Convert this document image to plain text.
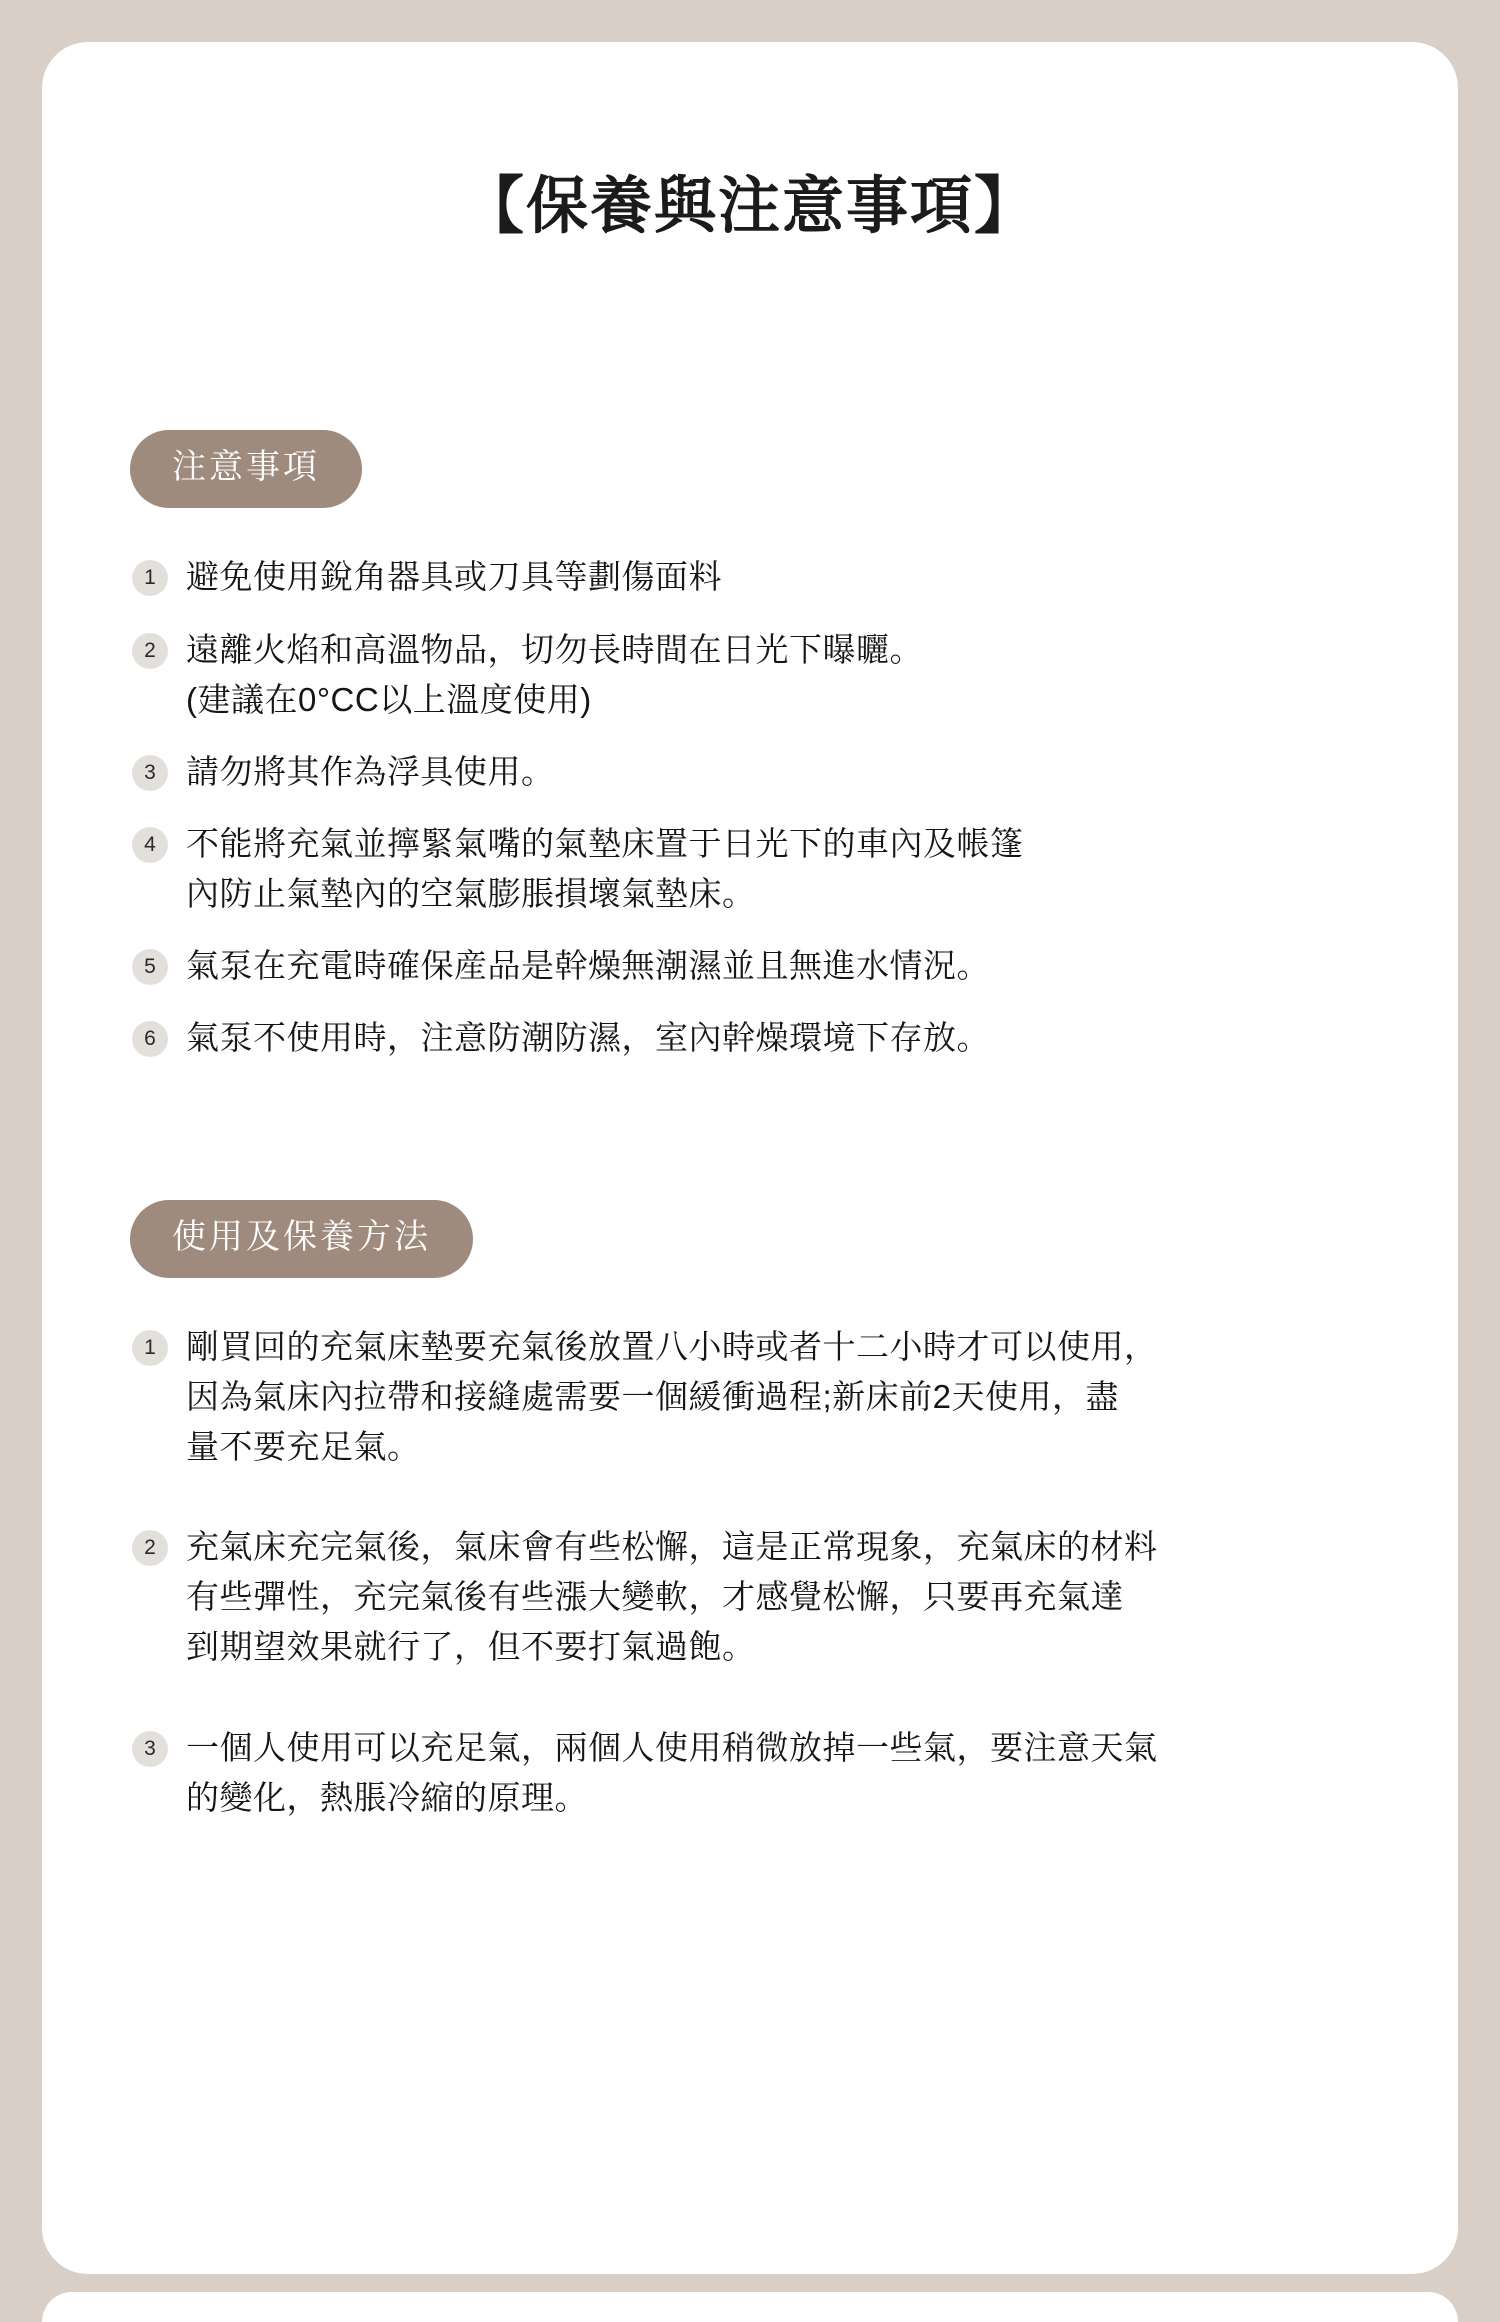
【保養與注意事項】
注意事項
1 避免使用銳角器具或刀具等劃傷面料
2 遠離火焰和高溫物品，切勿長時間在日光下曝曬。
(建議在0°CC以上溫度使用)
3 請勿將其作為浮具使用。
4 不能將充氣並擰緊氣嘴的氣墊床置于日光下的車內及帳篷
內防止氣墊內的空氣膨脹損壞氣墊床。
5 氣泵在充電時確保産品是幹燥無潮濕並且無進水情況。
6 氣泵不使用時，注意防潮防濕，室內幹燥環境下存放。
使用及保養方法
1 剛買回的充氣床墊要充氣後放置八小時或者十二小時才可以使用，
因為氣床內拉帶和接縫處需要一個緩衝過程;新床前2天使用，盡
量不要充足氣。
2 充氣床充完氣後，氣床會有些松懈，這是正常現象，充氣床的材料
有些彈性，充完氣後有些漲大變軟，才感覺松懈，只要再充氣達
到期望效果就行了，但不要打氣過飽。
3 一個人使用可以充足氣，兩個人使用稍微放掉一些氣，要注意天氣
的變化，熱脹冷縮的原理。
